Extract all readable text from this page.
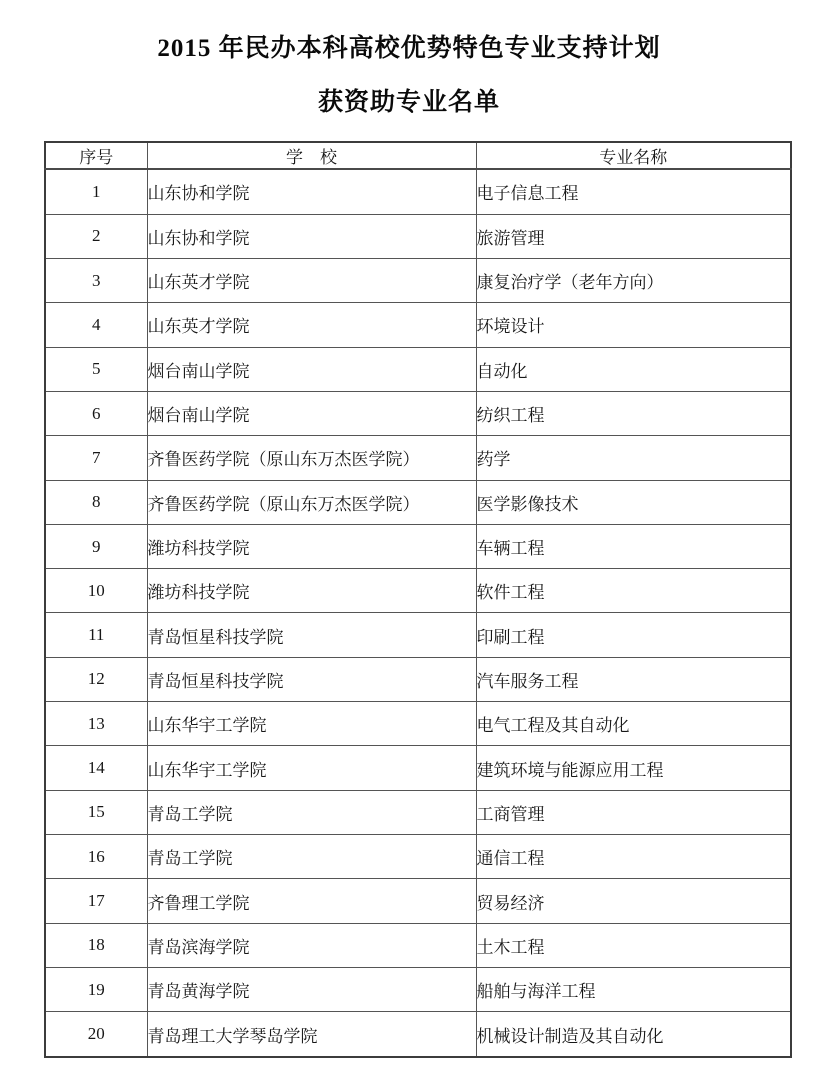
2015 年民办本科高校优势特色专业支持计划
获资助专业名单
序号	学　校	专业名称
1	山东协和学院	电子信息工程
2	山东协和学院	旅游管理
3	山东英才学院	康复治疗学（老年方向）
4	山东英才学院	环境设计
5	烟台南山学院	自动化
6	烟台南山学院	纺织工程
7	齐鲁医药学院（原山东万杰医学院）	药学
8	齐鲁医药学院（原山东万杰医学院）	医学影像技术
9	潍坊科技学院	车辆工程
10	潍坊科技学院	软件工程
11	青岛恒星科技学院	印刷工程
12	青岛恒星科技学院	汽车服务工程
13	山东华宇工学院	电气工程及其自动化
14	山东华宇工学院	建筑环境与能源应用工程
15	青岛工学院	工商管理
16	青岛工学院	通信工程
17	齐鲁理工学院	贸易经济
18	青岛滨海学院	土木工程
19	青岛黄海学院	船舶与海洋工程
20	青岛理工大学琴岛学院	机械设计制造及其自动化
